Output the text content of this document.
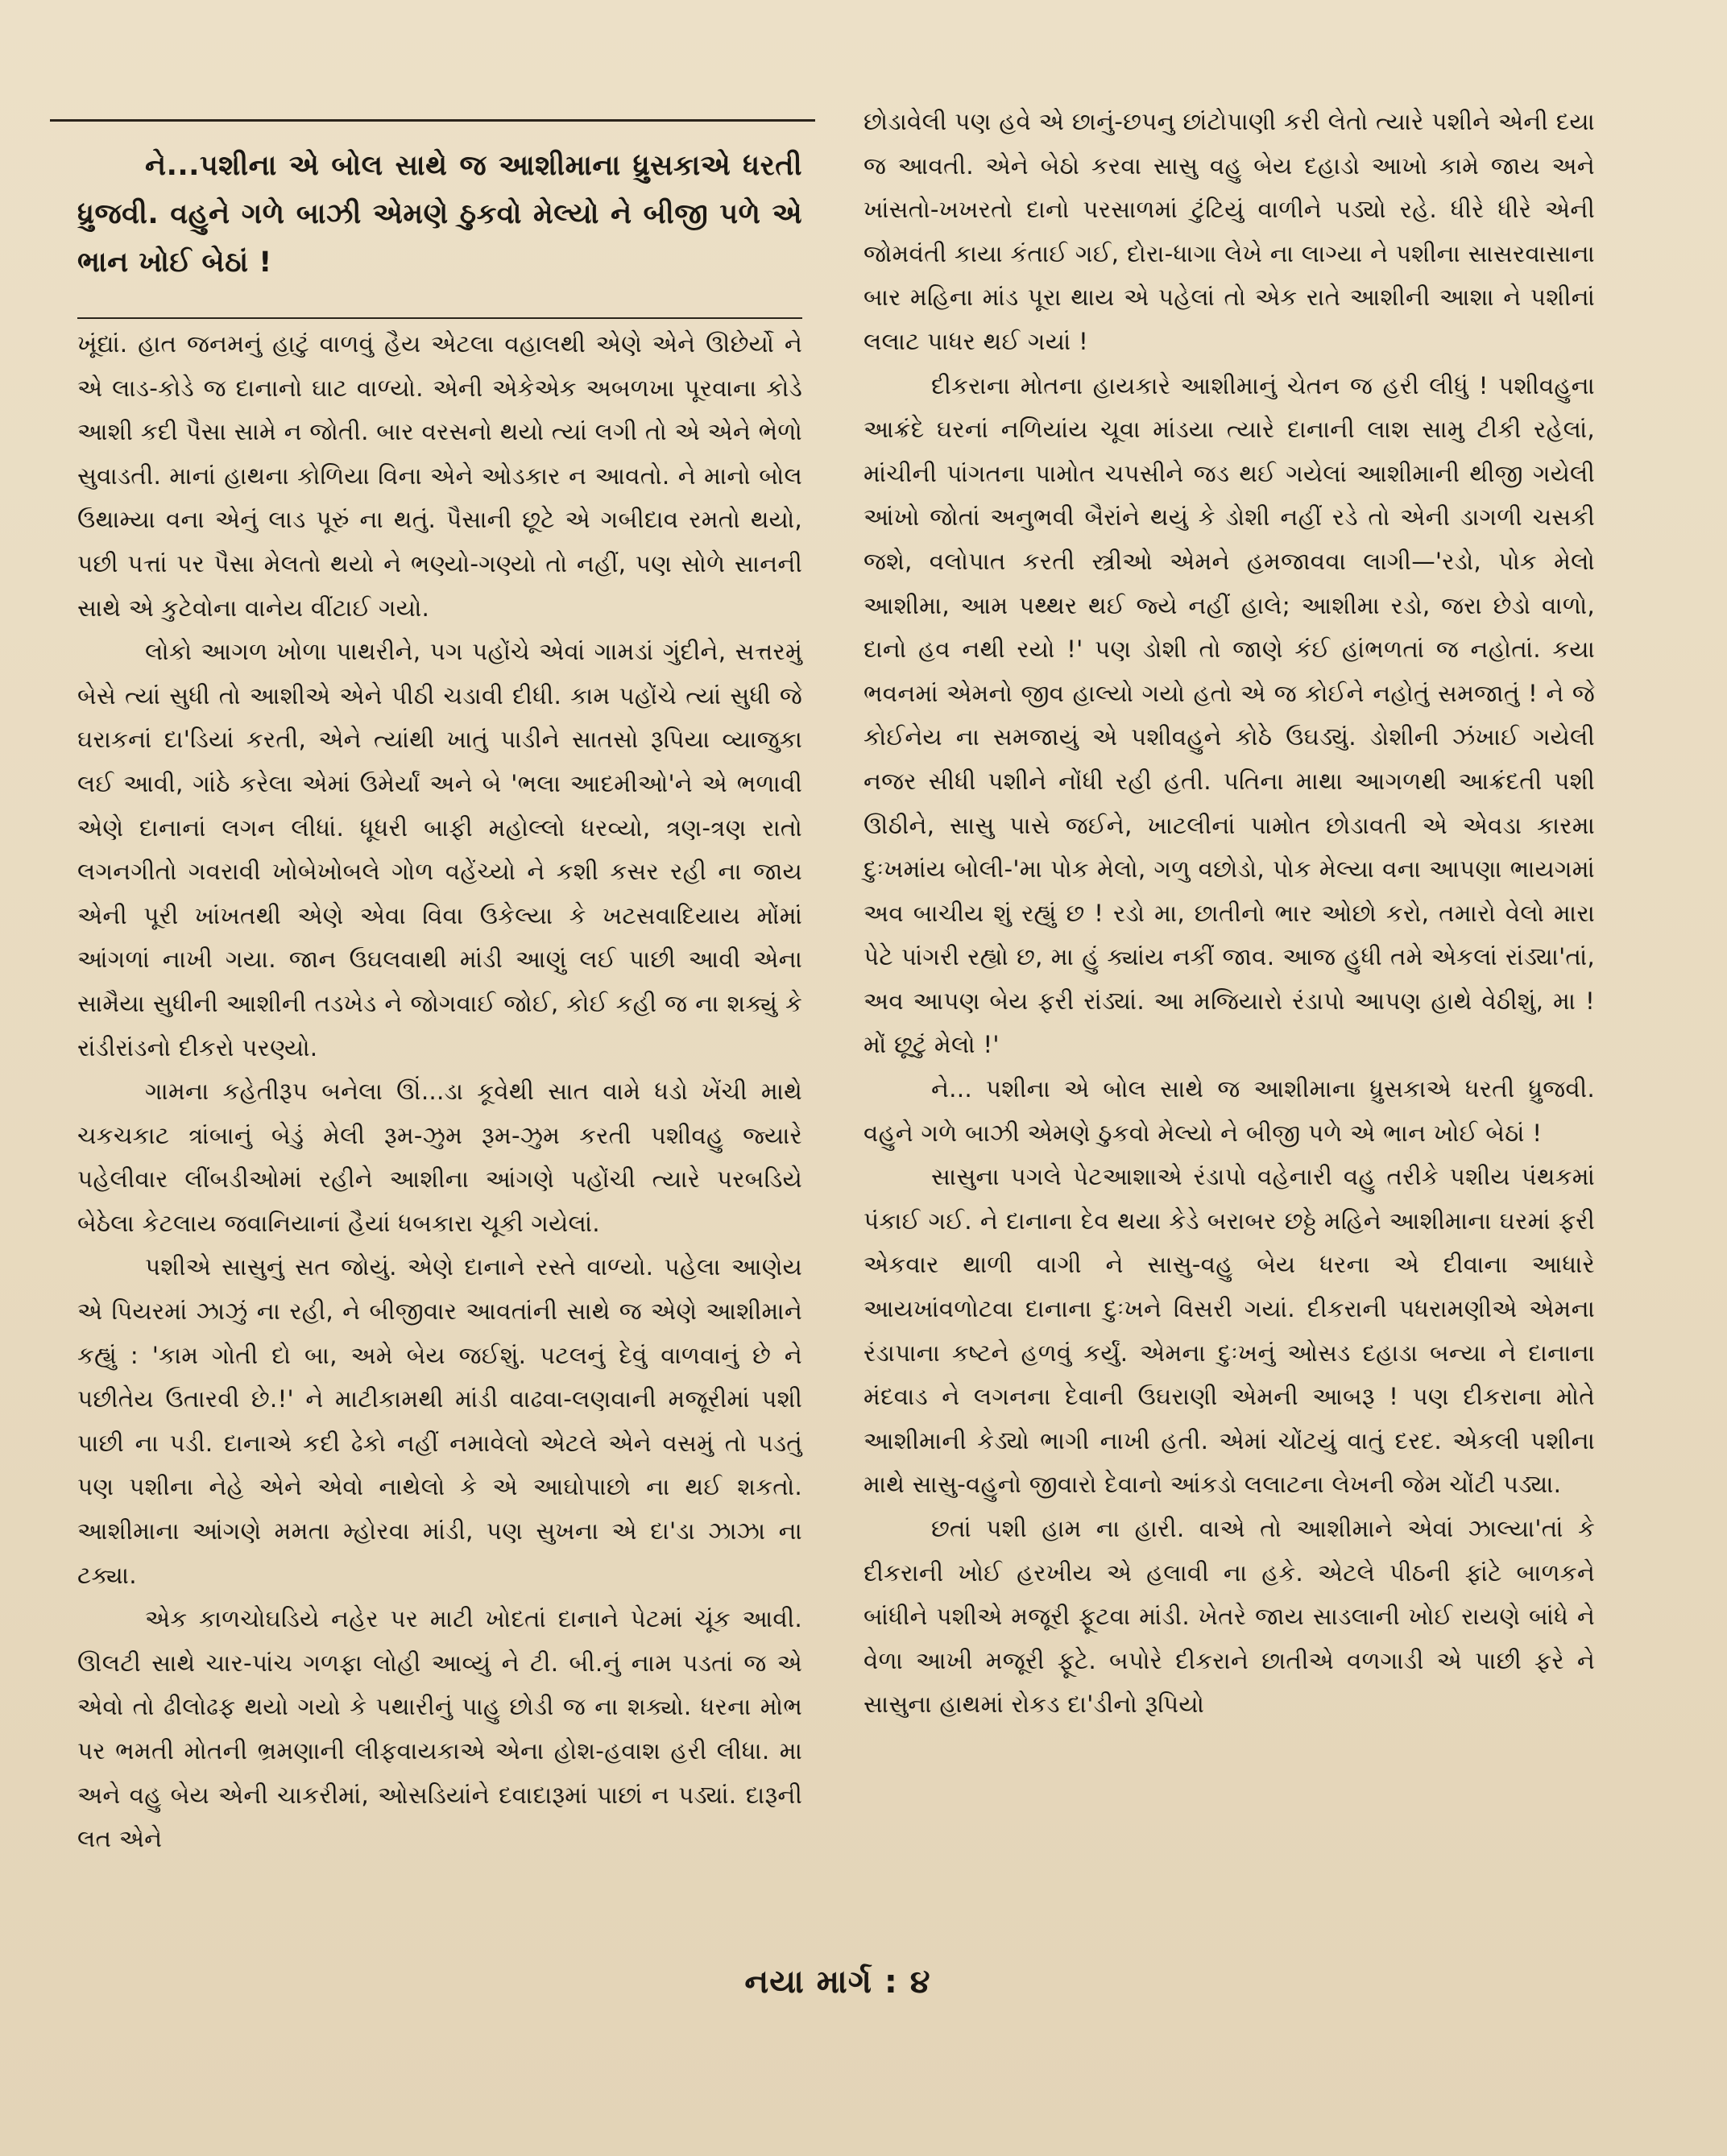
ને...પશીના એ બોલ સાથે જ આશીમાના ધ્રુસકાએ ધરતી ધ્રુજવી. વહુને ગળે બાઝી એમણે ઠુકવો મેલ્યો ને બીજી પળે એ ભાન ખોઈ બેઠાં !

ખૂંદ્યાં. હાત જનમનું હાટું વાળવું હૈય એટલા વહાલથી એણે એને ઊછેર્યો ને એ લાડ-કોડે જ દાનાનો ઘાટ વાળ્યો. એની એકેએક અબળખા પૂરવાના કોડે આશી કદી પૈસા સામે ન જોતી. બાર વરસનો થયો ત્યાં લગી તો એ એને ભેળો સુવાડતી. માનાં હાથના કોળિયા વિના એને ઓડકાર ન આવતો. ને માનો બોલ ઉથામ્યા વના એનું લાડ પૂરું ના થતું. પૈસાની છૂટે એ ગબીદાવ રમતો થયો, પછી પત્તાં પર પૈસા મેલતો થયો ને ભણ્યો-ગણ્યો તો નહીં, પણ સોળે સાનની સાથે એ કુટેવોના વાનેય વીંટાઈ ગયો.

લોકો આગળ ખોળા પાથરીને, પગ પહોંચે એવાં ગામડાં ગુંદીને, સત્તરમું બેસે ત્યાં સુધી તો આશીએ એને પીઠી ચડાવી દીધી. કામ પહોંચે ત્યાં સુધી જે ઘરાકનાં દા'ડિયાં કરતી, એને ત્યાંથી ખાતું પાડીને સાતસો રૂપિયા વ્યાજુકા લઈ આવી, ગાંઠે કરેલા એમાં ઉમેર્યાં અને બે 'ભલા આદમીઓ'ને એ ભળાવી એણે દાનાનાં લગન લીધાં. ધૂધરી બાફી મહોલ્લો ધરવ્યો, ત્રણ-ત્રણ રાતો લગનગીતો ગવરાવી ખોબેખોબલે ગોળ વહેંચ્યો ને કશી કસર રહી ના જાય એની પૂરી ખાંખતથી એણે એવા વિવા ઉકેલ્યા કે ખટસવાદિયાય મોંમાં આંગળાં નાખી ગયા. જાન ઉઘલવાથી માંડી આણું લઈ પાછી આવી એના સામૈયા સુધીની આશીની તડખેડ ને જોગવાઈ જોઈ, કોઈ કહી જ ના શક્યું કે રાંડીરાંડનો દીકરો પરણ્યો.

ગામના કહેતીરૂપ બનેલા ઊં...ડા કૂવેથી સાત વામે ધડો ખેંચી માથે ચકચકાટ ત્રાંબાનું બેડું મેલી રૂમ-ઝુમ રૂમ-ઝુમ કરતી પશીવહુ જ્યારે પહેલીવાર લીંબડીઓમાં રહીને આશીના આંગણે પહોંચી ત્યારે પરબડિયે બેઠેલા કેટલાય જવાનિયાનાં હૈયાં ધબકારા ચૂકી ગયેલાં.

પશીએ સાસુનું સત જોયું. એણે દાનાને રસ્તે વાળ્યો. પહેલા આણેય એ પિયરમાં ઝાઝું ના રહી, ને બીજીવાર આવતાંની સાથે જ એણે આશીમાને કહ્યું : 'કામ ગોતી દો બા, અમે બેય જઈશું. પટલનું દેવું વાળવાનું છે ને પછીતેય ઉતારવી છે.!' ને માટીકામથી માંડી વાઢવા-લણવાની મજૂરીમાં પશી પાછી ના પડી. દાનાએ કદી ઢેકો નહીં નમાવેલો એટલે એને વસમું તો પડતું પણ પશીના નેહે એને એવો નાથેલો કે એ આઘોપાછો ના થઈ શકતો. આશીમાના આંગણે મમતા મ્હોરવા માંડી, પણ સુખના એ દા'ડા ઝાઝા ના ટક્યા.

એક કાળચોઘડિયે નહેર પર માટી ખોદતાં દાનાને પેટમાં ચૂંક આવી. ઊલટી સાથે ચાર-પાંચ ગળફા લોહી આવ્યું ને ટી. બી.નું નામ પડતાં જ એ એવો તો ઢીલોઢફ થયો ગયો કે પથારીનું પાહુ છોડી જ ના શક્યો. ધરના મોભ પર ભમતી મોતની ભ્રમણાની લીફવાયકાએ એના હોશ-હવાશ હરી લીધા. મા અને વહુ બેય એની ચાકરીમાં, ઓસડિયાંને દવાદારૂમાં પાછાં ન પડ્યાં. દારૂની લત એને

છોડાવેલી પણ હવે એ છાનું-છપનુ છાંટોપાણી કરી લેતો ત્યારે પશીને એની દયા જ આવતી. એને બેઠો કરવા સાસુ વહુ બેય દહાડો આખો કામે જાય અને ખાંસતો-ખખરતો દાનો પરસાળમાં ટુંટિયું વાળીને પડ્યો રહે. ધીરે ધીરે એની જોમવંતી કાયા કંતાઈ ગઈ, દોરા-ધાગા લેખે ના લાગ્યા ને પશીના સાસરવાસાના બાર મહિના માંડ પૂરા થાય એ પહેલાં તો એક રાતે આશીની આશા ને પશીનાં લલાટ પાધર થઈ ગયાં !

દીકરાના મોતના હાયકારે આશીમાનું ચેતન જ હરી લીધું ! પશીવહુના આક્રંદે ઘરનાં નળિયાંય ચૂવા માંડયા ત્યારે દાનાની લાશ સામુ ટીકી રહેલાં, માંચીની પાંગતના પામોત ચપસીને જડ થઈ ગયેલાં આશીમાની થીજી ગયેલી આંખો જોતાં અનુભવી બૈરાંને થયું કે ડોશી નહીં રડે તો એની ડાગળી ચસકી જશે, વલોપાત કરતી સ્ત્રીઓ એમને હમજાવવા લાગી—'રડો, પોક મેલો આશીમા, આમ પથ્થર થઈ જ્યે નહીં હાલે; આશીમા રડો, જરા છેડો વાળો, દાનો હવ નથી રયો !' પણ ડોશી તો જાણે કંઈ હાંભળતાં જ નહોતાં. કયા ભવનમાં એમનો જીવ હાલ્યો ગયો હતો એ જ કોઈને નહોતું સમજાતું ! ને જે કોઈનેય ના સમજાયું એ પશીવહુને કોઠે ઉઘડ્યું. ડોશીની ઝંખાઈ ગયેલી નજર સીધી પશીને નોંધી રહી હતી. પતિના માથા આગળથી આક્રંદતી પશી ઊઠીને, સાસુ પાસે જઈને, ખાટલીનાં પામોત છોડાવતી એ એવડા કારમા દુઃખમાંય બોલી-'મા પોક મેલો, ગળુ વછોડો, પોક મેલ્યા વના આપણા ભાયગમાં અવ બાચીય શું રહ્યું છ ! રડો મા, છાતીનો ભાર ઓછો કરો, તમારો વેલો મારા પેટે પાંગરી રહ્યો છ, મા હું ક્યાંય નકીં જાવ. આજ હુધી તમે એકલાં રાંડ્યા'તાં, અવ આપણ બેય ફરી રાંડ્યાં. આ મજિયારો રંડાપો આપણ હાથે વેઠીશું, મા ! મોં છૂટું મેલો !'

ને... પશીના એ બોલ સાથે જ આશીમાના ધ્રુસકાએ ધરતી ધ્રુજવી. વહુને ગળે બાઝી એમણે ઠુકવો મેલ્યો ને બીજી પળે એ ભાન ખોઈ બેઠાં !

સાસુના પગલે પેટઆશાએ રંડાપો વહેનારી વહુ તરીકે પશીય પંથકમાં પંકાઈ ગઈ. ને દાનાના દેવ થયા કેડે બરાબર છઠ્ઠે મહિને આશીમાના ઘરમાં ફરી એકવાર થાળી વાગી ને સાસુ-વહુ બેય ધરના એ દીવાના આધારે આયખાંવળોટવા દાનાના દુઃખને વિસરી ગયાં. દીકરાની પધરામણીએ એમના રંડાપાના કષ્ટને હળવું કર્યું. એમના દુઃખનું ઓસડ દહાડા બન્યા ને દાનાના મંદવાડ ને લગનના દેવાની ઉઘરાણી એમની આબરૂ ! પણ દીકરાના મોતે આશીમાની કેડ્યો ભાગી નાખી હતી. એમાં ચોંટયું વાતું દરદ. એકલી પશીના માથે સાસુ-વહુનો જીવારો દેવાનો આંકડો લલાટના લેખની જેમ ચોંટી પડ્યા.

છતાં પશી હામ ના હારી. વાએ તો આશીમાને એવાં ઝાલ્યા'તાં કે દીકરાની ખોઈ હરખીય એ હલાવી ના હકે. એટલે પીઠની ફાંટે બાળકને બાંધીને પશીએ મજૂરી ફૂટવા માંડી. ખેતરે જાય સાડલાની ખોઈ રાયણે બાંધે ને વેળા આખી મજૂરી ફૂટે. બપોરે દીકરાને છાતીએ વળગાડી એ પાછી ફરે ને સાસુના હાથમાં રોકડ દા'ડીનો રૂપિયો

નયા માર્ગ : ૪
